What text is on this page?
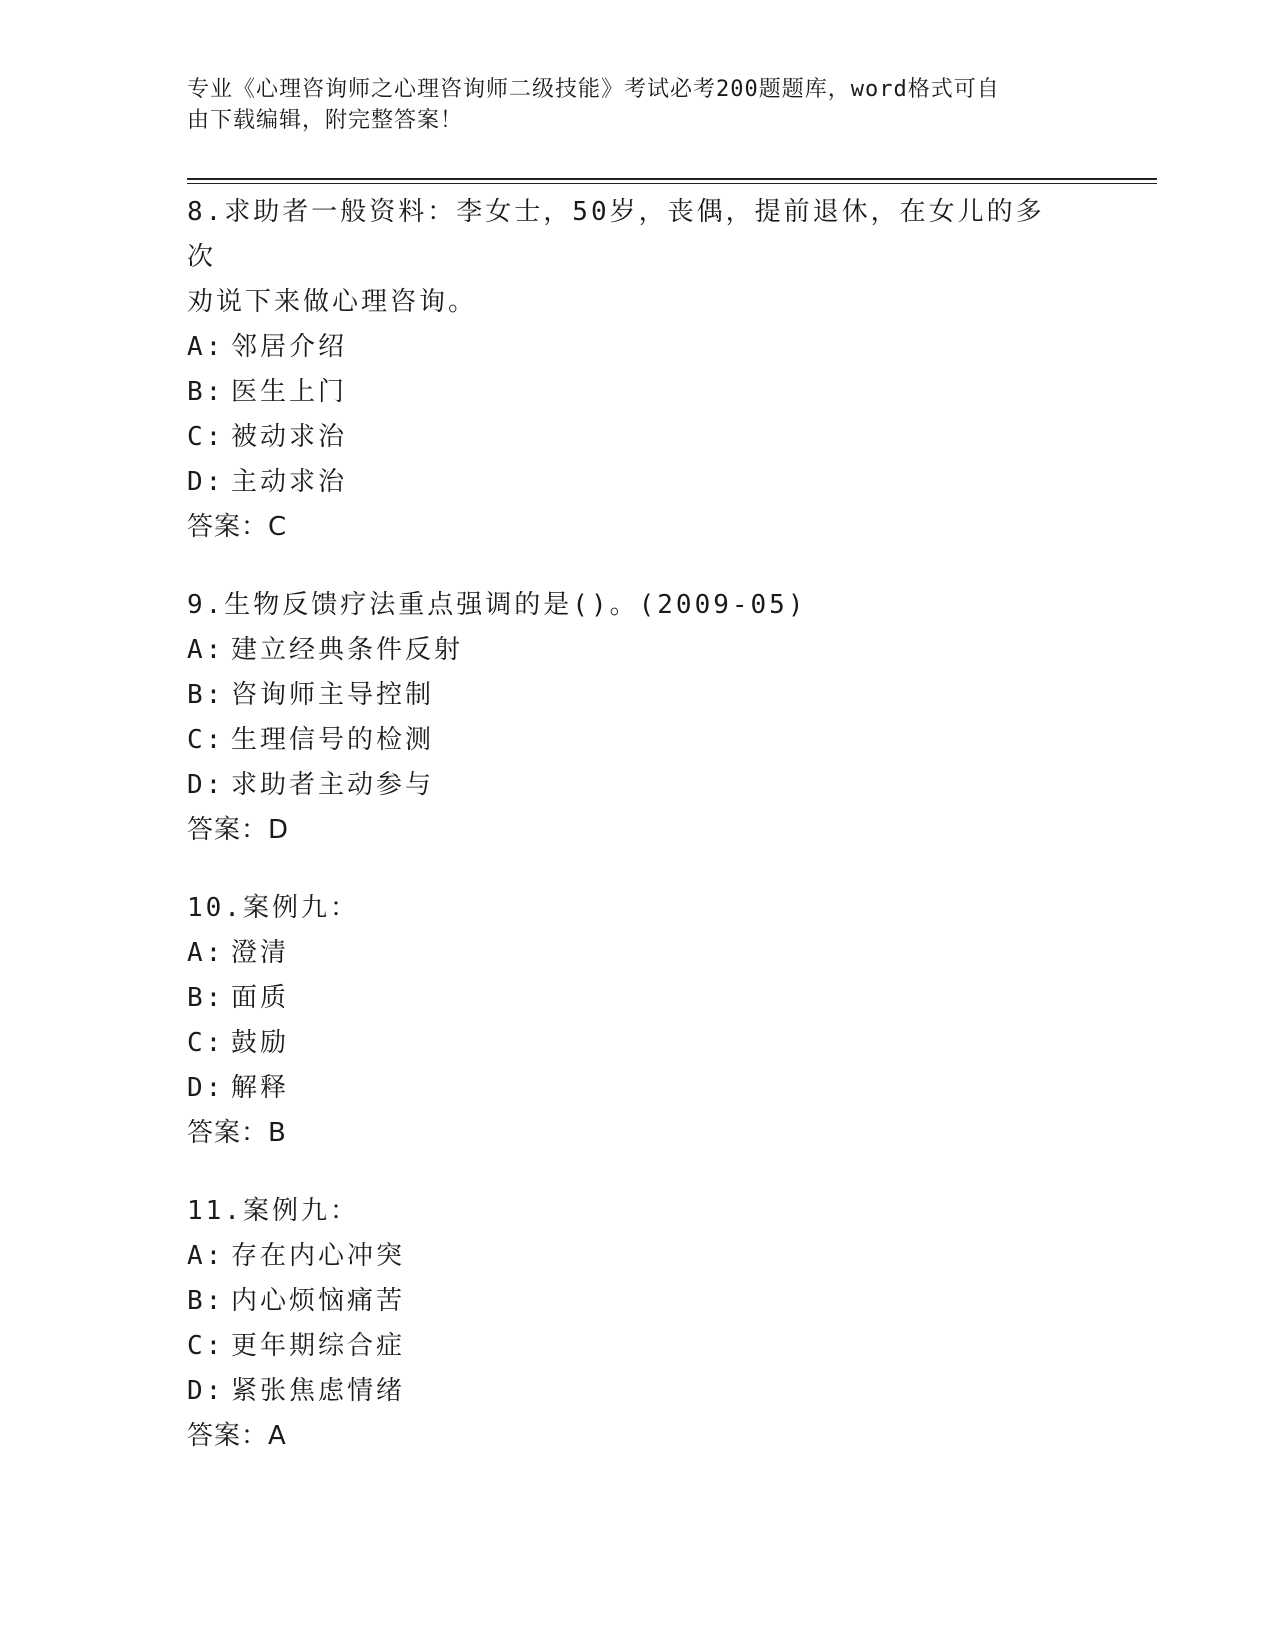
专业《心理咨询师之心理咨询师二级技能》考试必考200题题库，word格式可自
由下载编辑，附完整答案！
8.求助者一般资料：李女士，50岁，丧偶，提前退休，在女儿的多次
劝说下来做心理咨询。
A: 邻居介绍
B: 医生上门
C: 被动求治
D: 主动求治
答案：C
9.生物反馈疗法重点强调的是()。(2009-05)
A: 建立经典条件反射
B: 咨询师主导控制
C: 生理信号的检测
D: 求助者主动参与
答案：D
10.案例九：
A: 澄清
B: 面质
C: 鼓励
D: 解释
答案：B
11.案例九：
A: 存在内心冲突
B: 内心烦恼痛苦
C: 更年期综合症
D: 紧张焦虑情绪
答案：A
